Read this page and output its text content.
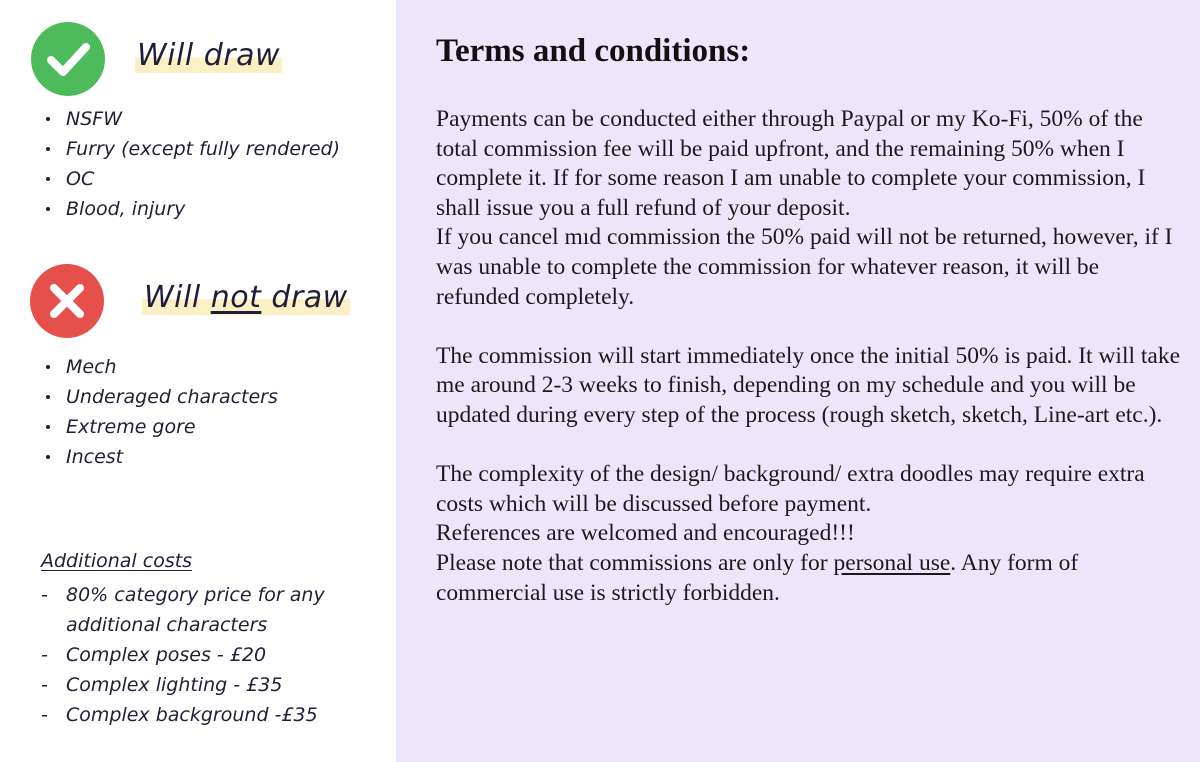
Will draw
NSFW
Furry (except fully rendered)
OC
Blood, injury
Will not draw
Mech
Underaged characters
Extreme gore
Incest
Additional costs
- 80% category price for any additional characters
- Complex poses - £20
- Complex lighting - £35
- Complex background -£35
Terms and conditions:

Payments can be conducted either through Paypal or my Ko-Fi, 50% of the total commission fee will be paid upfront, and the remaining 50% when I complete it. If for some reason I am unable to complete your commission, I shall issue you a full refund of your deposit.

If you cancel mıd commission the 50% paid will not be returned, however, if I was unable to complete the commission for whatever reason, it will be refunded completely.

The commission will start immediately once the initial 50% is paid. It will take me around 2-3 weeks to finish, depending on my schedule and you will be updated during every step of the process (rough sketch, sketch, Line-art etc.).

The complexity of the design/ background/ extra doodles may require extra costs which will be discussed before payment.

References are welcomed and encouraged!!!

Please note that commissions are only for personal use. Any form of commercial use is strictly forbidden.
